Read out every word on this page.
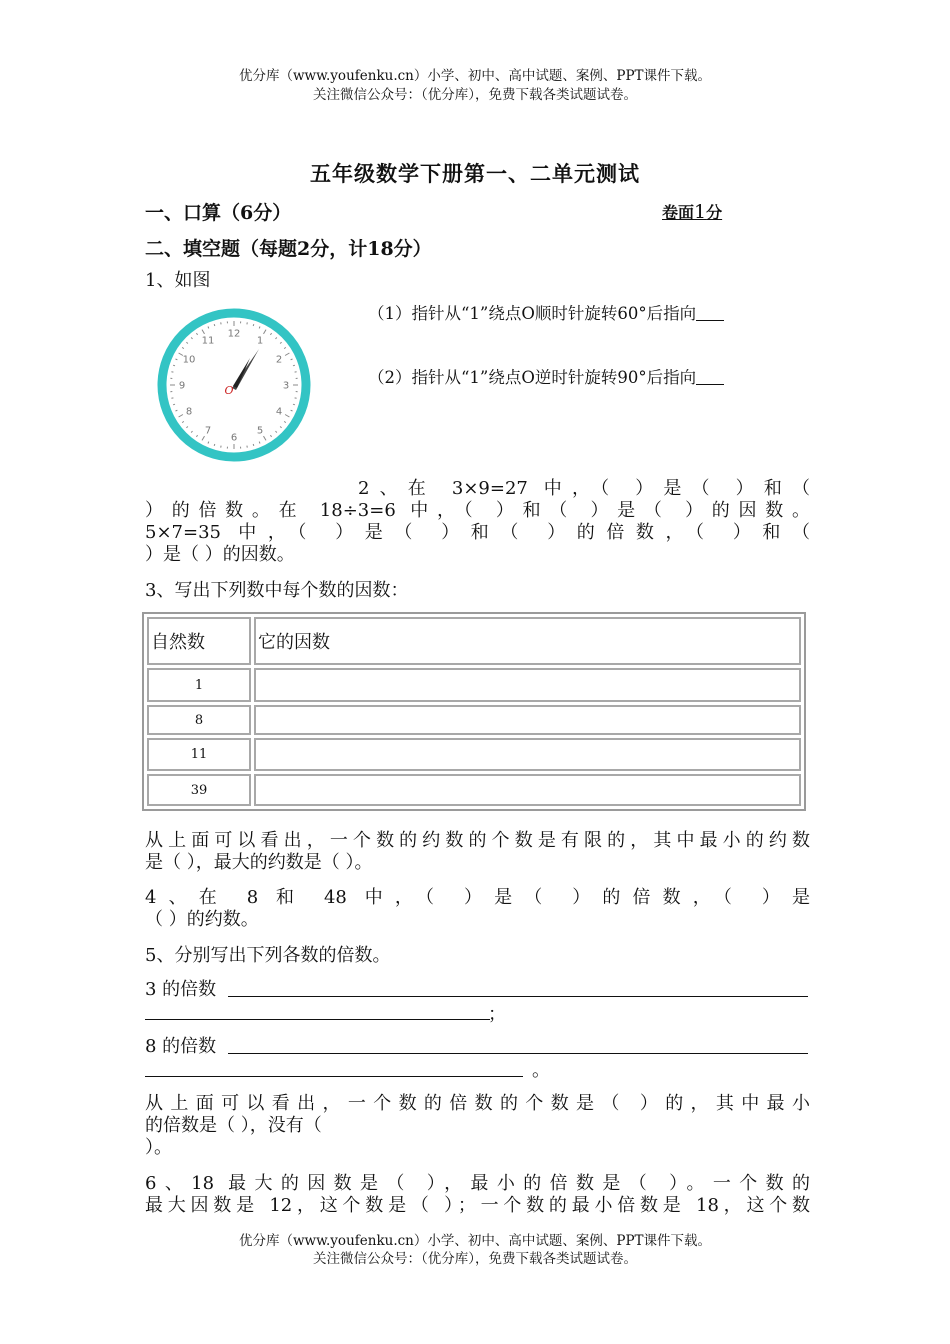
优分库（www.youfenku.cn）小学、初中、高中试题、案例、PPT课件下载。
关注微信公众号：（优分库），免费下载各类试题试卷。
五年级数学下册第一、二单元测试
一、口算（6分）	卷面1分
二、填空题（每题2分，计18分）
1、如图
12
1
2
3
4
5
6
7
8
9
10
11
O
（1）指针从“1”绕点O顺时针旋转60°后指向
（2）指针从“1”绕点O逆时针旋转90°后指向
2、在 3×9=27 中，（ ）是（ ）和（
）的倍数。在 18÷3=6 中，（ ）和（ ）是（ ）的因数。
5×7=35 中，（ ）是（ ）和（ ）的倍数，（ ）和（
）是（ ）的因数。
3、写出下列数中每个数的因数：
自然数	它的因数
1	
8	
11	
39	
从上面可以看出，一个数的约数的个数是有限的，其中最小的约数
是（ ），最大的约数是（ ）。
4、在 8 和 48 中，（ ）是（ ）的倍数，（ ）是
（ ）的约数。
5、分别写出下列各数的倍数。
3 的倍数
；
8 的倍数
。
从上面可以看出，一个数的倍数的个数是（ ）的，其中最小
的倍数是（ ），没有（
）。
6、18 最大的因数是（ ），最小的倍数是（ ）。一个数的
最大因数是 12，这个数是（ ）；一个数的最小倍数是 18，这个数
优分库（www.youfenku.cn）小学、初中、高中试题、案例、PPT课件下载。
关注微信公众号：（优分库），免费下载各类试题试卷。
